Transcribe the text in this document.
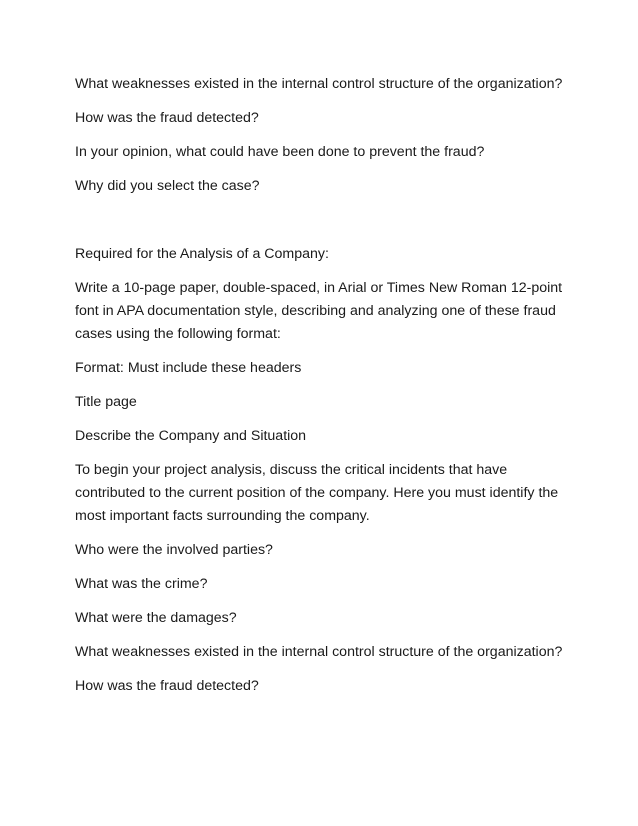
What weaknesses existed in the internal control structure of the organization?

How was the fraud detected?

In your opinion, what could have been done to prevent the fraud?

Why did you select the case?

Required for the Analysis of a Company:

Write a 10-page paper, double-spaced, in Arial or Times New Roman 12-point font in APA documentation style, describing and analyzing one of these fraud cases using the following format:

Format: Must include these headers

Title page

Describe the Company and Situation

To begin your project analysis, discuss the critical incidents that have contributed to the current position of the company. Here you must identify the most important facts surrounding the company.

Who were the involved parties?

What was the crime?

What were the damages?

What weaknesses existed in the internal control structure of the organization?

How was the fraud detected?
